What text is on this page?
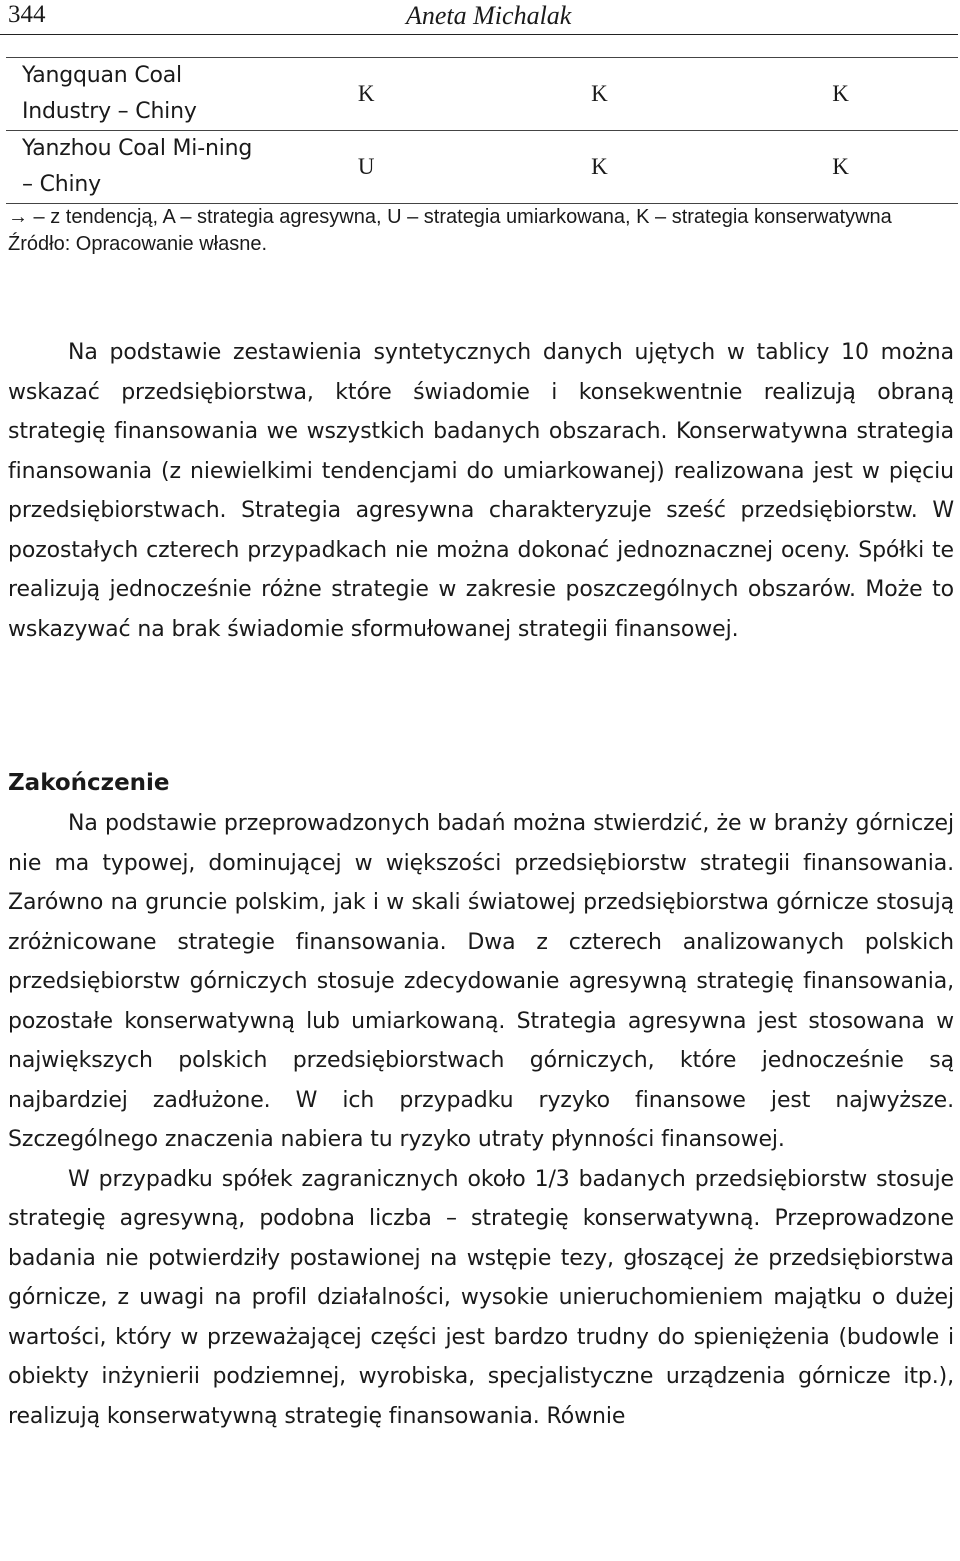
344	Aneta Michalak
Yangquan Coal Industry – Chiny	K	K	K
Yanzhou Coal Mi-ning – Chiny	U	K	K

→ – z tendencją, A – strategia agresywna, U – strategia umiarkowana, K – strategia konserwatywna

Źródło: Opracowanie własne.

Na podstawie zestawienia syntetycznych danych ujętych w tablicy 10 można wskazać przedsiębiorstwa, które świadomie i konsekwentnie realizują obraną strategię finansowania we wszystkich badanych obszarach. Konserwatywna strategia finansowania (z niewielkimi tendencjami do umiarkowanej) realizowana jest w pięciu przedsiębiorstwach. Strategia agresywna charakteryzuje sześć przedsiębiorstw. W pozostałych czterech przypadkach nie można dokonać jednoznacznej oceny. Spółki te realizują jednocześnie różne strategie w zakresie poszczególnych obszarów. Może to wskazywać na brak świadomie sformułowanej strategii finansowej.

Zakończenie

Na podstawie przeprowadzonych badań można stwierdzić, że w branży górniczej nie ma typowej, dominującej w większości przedsiębiorstw strategii finansowania. Zarówno na gruncie polskim, jak i w skali światowej przedsiębiorstwa górnicze stosują zróżnicowane strategie finansowania. Dwa z czterech analizowanych polskich przedsiębiorstw górniczych stosuje zdecydowanie agresywną strategię finansowania, pozostałe konserwatywną lub umiarkowaną. Strategia agresywna jest stosowana w największych polskich przedsiębiorstwach górniczych, które jednocześnie są najbardziej zadłużone. W ich przypadku ryzyko finansowe jest najwyższe. Szczególnego znaczenia nabiera tu ryzyko utraty płynności finansowej.

W przypadku spółek zagranicznych około 1/3 badanych przedsiębiorstw stosuje strategię agresywną, podobna liczba – strategię konserwatywną. Przeprowadzone badania nie potwierdziły postawionej na wstępie tezy, głoszącej że przedsiębiorstwa górnicze, z uwagi na profil działalności, wysokie unieruchomieniem majątku o dużej wartości, który w przeważającej części jest bardzo trudny do spieniężenia (budowle i obiekty inżynierii podziemnej, wyrobiska, specjalistyczne urządzenia górnicze itp.), realizują konserwatywną strategię finansowania. Równie
